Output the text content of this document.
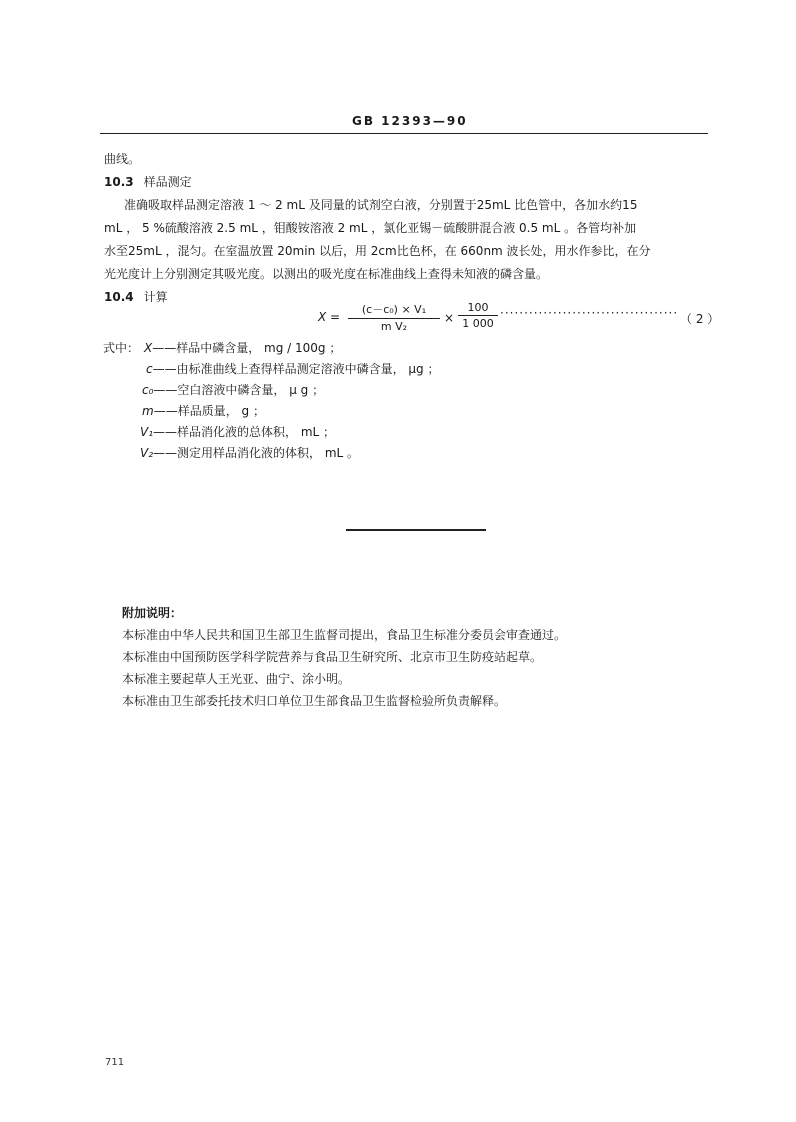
GB 12393—90
曲线。
10.3 样品测定
准确吸取样品测定溶液 1 ～ 2 mL 及同量的试剂空白液，分别置于25mL 比色管中，各加水约15
mL ， 5 %硫酸溶液 2.5 mL ，钼酸铵溶液 2 mL ，氯化亚锡－硫酸肼混合液 0.5 mL 。各管均补加
水至25mL ，混匀。在室温放置 20min 以后，用 2cm比色杯，在 660nm 波长处，用水作参比，在分
光光度计上分别测定其吸光度。以测出的吸光度在标准曲线上查得未知液的磷含量。
10.4 计算
X =
(c－c₀) × V₁
m V₂
×
100
1 000
····································· （ 2 ）
式中： X——样品中磷含量， mg / 100g ；
c——由标准曲线上查得样品测定溶液中磷含量， μg ；
c₀——空白溶液中磷含量， μ g ；
m——样品质量， g ；
V₁——样品消化液的总体积， mL ；
V₂——测定用样品消化液的体积， mL 。
附加说明：
本标准由中华人民共和国卫生部卫生监督司提出，食品卫生标准分委员会审查通过。
本标准由中国预防医学科学院营养与食品卫生研究所、北京市卫生防疫站起草。
本标准主要起草人王光亚、曲宁、涂小明。
本标准由卫生部委托技术归口单位卫生部食品卫生监督检验所负责解释。
711
